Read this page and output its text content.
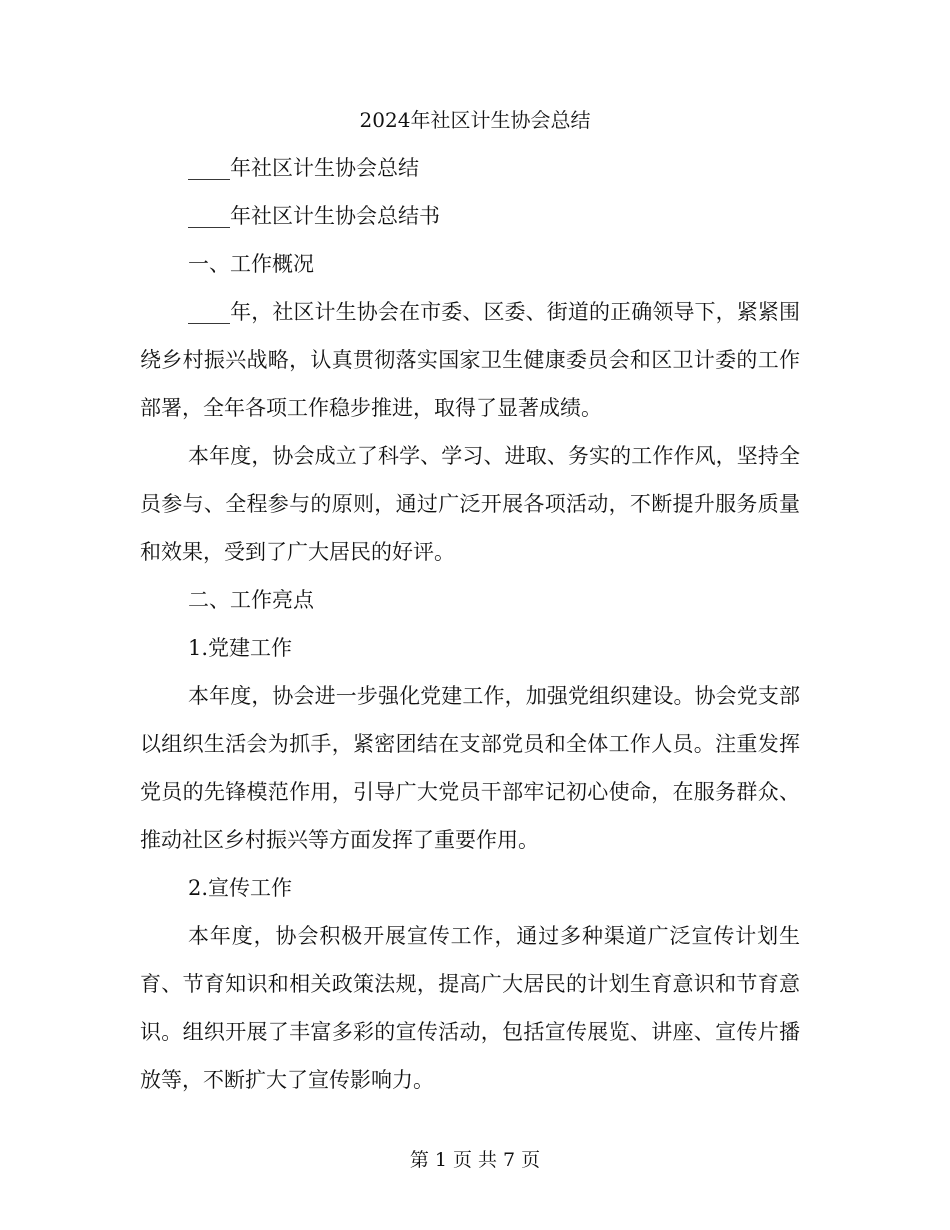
2024年社区计生协会总结

____年社区计生协会总结

____年社区计生协会总结书

一、工作概况

____年，社区计生协会在市委、区委、街道的正确领导下，紧紧围绕乡村振兴战略，认真贯彻落实国家卫生健康委员会和区卫计委的工作部署，全年各项工作稳步推进，取得了显著成绩。

本年度，协会成立了科学、学习、进取、务实的工作作风，坚持全员参与、全程参与的原则，通过广泛开展各项活动，不断提升服务质量和效果，受到了广大居民的好评。

二、工作亮点

1.党建工作

本年度，协会进一步强化党建工作，加强党组织建设。协会党支部以组织生活会为抓手，紧密团结在支部党员和全体工作人员。注重发挥党员的先锋模范作用，引导广大党员干部牢记初心使命，在服务群众、推动社区乡村振兴等方面发挥了重要作用。

2.宣传工作

本年度，协会积极开展宣传工作，通过多种渠道广泛宣传计划生育、节育知识和相关政策法规，提高广大居民的计划生育意识和节育意识。组织开展了丰富多彩的宣传活动，包括宣传展览、讲座、宣传片播放等，不断扩大了宣传影响力。

第 1 页 共 7 页
